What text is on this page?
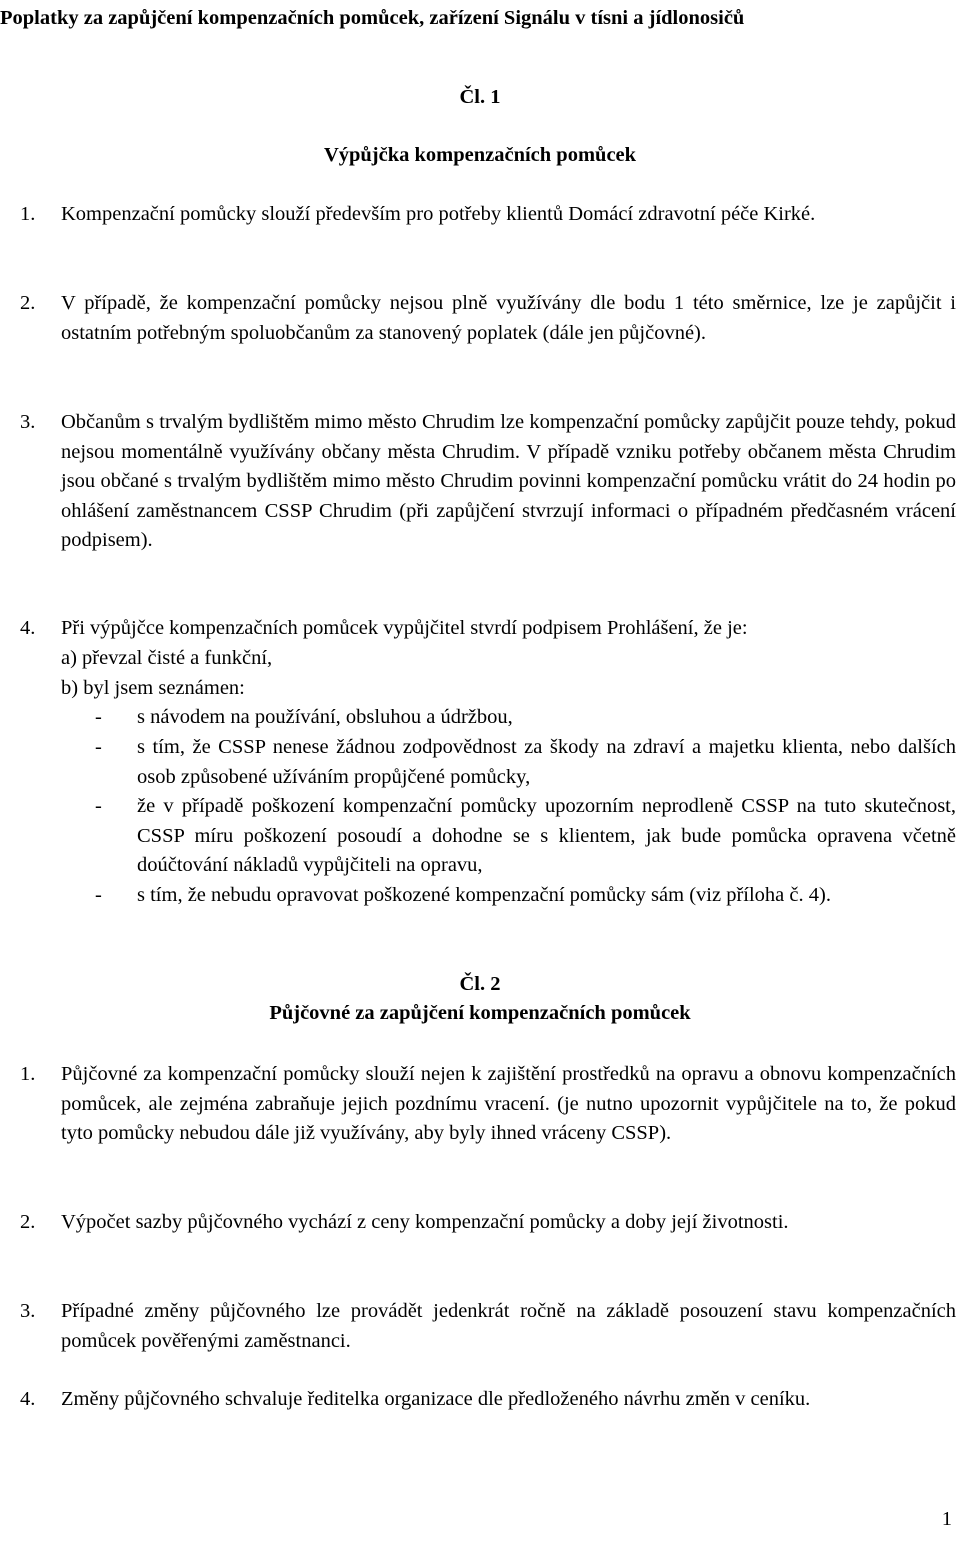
Poplatky za zapůjčení kompenzačních pomůcek, zařízení Signálu v tísni a jídlonosičů
Čl. 1
Výpůjčka kompenzačních pomůcek
1. Kompenzační pomůcky slouží především pro potřeby klientů Domácí zdravotní péče Kirké.
2. V případě, že kompenzační pomůcky nejsou plně využívány dle bodu 1 této směrnice, lze je zapůjčit i ostatním potřebným spoluobčanům za stanovený poplatek (dále jen půjčovné).
3. Občanům s trvalým bydlištěm mimo město Chrudim lze kompenzační pomůcky zapůjčit pouze tehdy, pokud nejsou momentálně využívány občany města Chrudim. V případě vzniku potřeby občanem města Chrudim jsou občané s trvalým bydlištěm mimo město Chrudim povinni kompenzační pomůcku vrátit do 24 hodin po ohlášení zaměstnancem CSSP Chrudim (při zapůjčení stvrzují informaci o případném předčasném vrácení podpisem).
4. Při výpůjčce kompenzačních pomůcek vypůjčitel stvrdí podpisem Prohlášení, že je:
a) převzal čisté a funkční,
b) byl jsem seznámen:
- s návodem na používání, obsluhou a údržbou,
- s tím, že CSSP nenese žádnou zodpovědnost za škody na zdraví a majetku klienta, nebo dalších osob způsobené užíváním propůjčené pomůcky,
- že v případě poškození kompenzační pomůcky upozorním neprodleně CSSP na tuto skutečnost, CSSP míru poškození posoudí a dohodne se s klientem, jak bude pomůcka opravena včetně doúčtování nákladů vypůjčiteli na opravu,
- s tím, že nebudu opravovat poškozené kompenzační pomůcky sám (viz příloha č. 4).
Čl. 2
Půjčovné za zapůjčení kompenzačních pomůcek
1. Půjčovné za kompenzační pomůcky slouží nejen k zajištění prostředků na opravu a obnovu kompenzačních pomůcek, ale zejména zabraňuje jejich pozdnímu vracení. (je nutno upozornit vypůjčitele na to, že pokud tyto pomůcky nebudou dále již využívány, aby byly ihned vráceny CSSP).
2. Výpočet sazby půjčovného vychází z ceny kompenzační pomůcky a doby její životnosti.
3. Případné změny půjčovného lze provádět jedenkrát ročně na základě posouzení stavu kompenzačních pomůcek pověřenými zaměstnanci.
4. Změny půjčovného schvaluje ředitelka organizace dle předloženého návrhu změn v ceníku.
1
